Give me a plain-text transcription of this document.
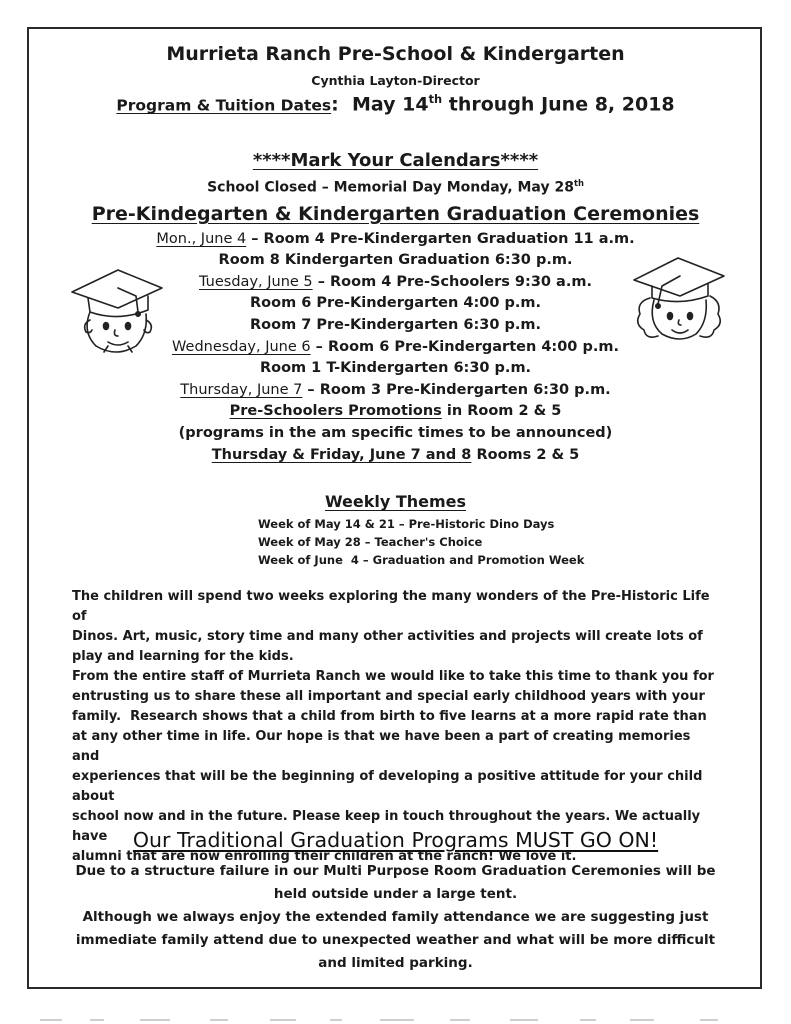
Murrieta Ranch Pre-School & Kindergarten
Cynthia Layton-Director
Program & Tuition Dates: May 14th through June 8, 2018
****Mark Your Calendars****
School Closed – Memorial Day Monday, May 28th
Pre-Kindegarten & Kindergarten Graduation Ceremonies
Mon., June 4 – Room 4 Pre-Kindergarten Graduation 11 a.m.
Room 8 Kindergarten Graduation 6:30 p.m.
Tuesday, June 5 – Room 4 Pre-Schoolers 9:30 a.m.
Room 6 Pre-Kindergarten 4:00 p.m.
Room 7 Pre-Kindergarten 6:30 p.m.
Wednesday, June 6 – Room 6 Pre-Kindergarten 4:00 p.m.
Room 1 T-Kindergarten 6:30 p.m.
Thursday, June 7 – Room 3 Pre-Kindergarten 6:30 p.m.
Pre-Schoolers Promotions in Room 2 & 5
(programs in the am specific times to be announced)
Thursday & Friday, June 7 and 8 Rooms 2 & 5
Weekly Themes
Week of May 14 & 21 – Pre-Historic Dino Days
Week of May 28 – Teacher's Choice
Week of June  4 – Graduation and Promotion Week
The children will spend two weeks exploring the many wonders of the Pre-Historic Life of
Dinos. Art, music, story time and many other activities and projects will create lots of
play and learning for the kids.
From the entire staff of Murrieta Ranch we would like to take this time to thank you for
entrusting us to share these all important and special early childhood years with your
family.  Research shows that a child from birth to five learns at a more rapid rate than
at any other time in life. Our hope is that we have been a part of creating memories and
experiences that will be the beginning of developing a positive attitude for your child about
school now and in the future. Please keep in touch throughout the years. We actually have
alumni that are now enrolling their children at the ranch! We love it.
Our Traditional Graduation Programs MUST GO ON!
Due to a structure failure in our Multi Purpose Room Graduation Ceremonies will be
held outside under a large tent.
Although we always enjoy the extended family attendance we are suggesting just
immediate family attend due to unexpected weather and what will be more difficult
and limited parking.
